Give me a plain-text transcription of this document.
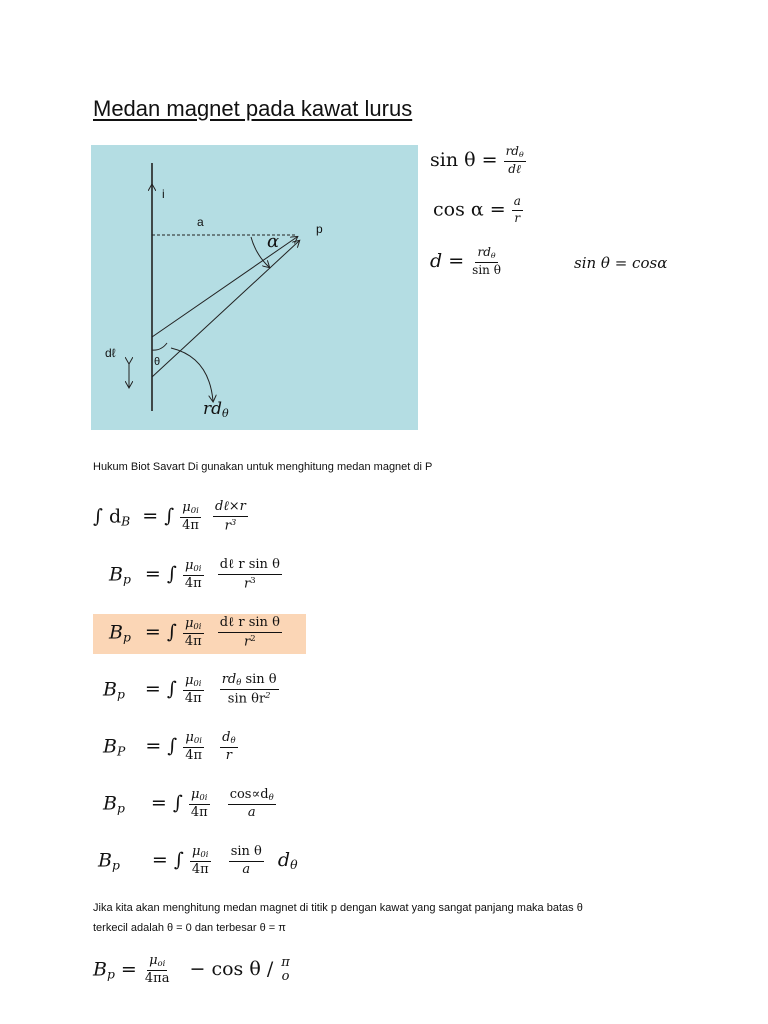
Medan magnet pada kawat lurus
i
a	p
α
θ
dℓ
$rd_\theta$
$\sin \theta = \frac{rd_\theta}{\text{dℓ}}$
$\cos \alpha = \frac{a}{r}$
$d = \frac{rd_\theta}{\text{sin θ}}$	sin θ = cosα
Hukum Biot Savart Di gunakan untuk menghitung medan magnet di P
∫ $d_B$ = ∫ $\frac{\mu_{0i}}{4\pi}$
$\frac{\text{dℓ×r}}{r^3}$
$B_p$ = ∫ $\frac{\mu_{0i}}{4\pi}$
$\frac{\text{dℓ r sin θ}}{r^3}$
$B_p$ = ∫ $\frac{\mu_{0i}}{4\pi}$
$\frac{\text{dℓ r sin θ}}{r^2}$
$B_p$ = ∫ $\frac{\mu_{0i}}{4\pi}$
$\frac{rd_\theta \sin \theta}{\sin \theta r^2}$
$B_P$ = ∫ $\frac{\mu_{0i}}{4\pi}$
$\frac{d_\theta}{r}$
$B_p$ = ∫ $\frac{\mu_{0i}}{4\pi}$
$\frac{\cos\propto d_\theta}{a}$
$B_p$ = ∫ $\frac{\mu_{0i}}{4\pi}$
$\frac{\text{sin θ}}{a} d_\theta$
Jika kita akan menghitung medan magnet di titik p dengan kawat yang sangat panjang maka batas θ
terkecil adalah θ = 0 dan terbesar θ = π
$B_p = \frac{\mu_{oi}}{4\pi a} - \cos \theta / \pi$
o
